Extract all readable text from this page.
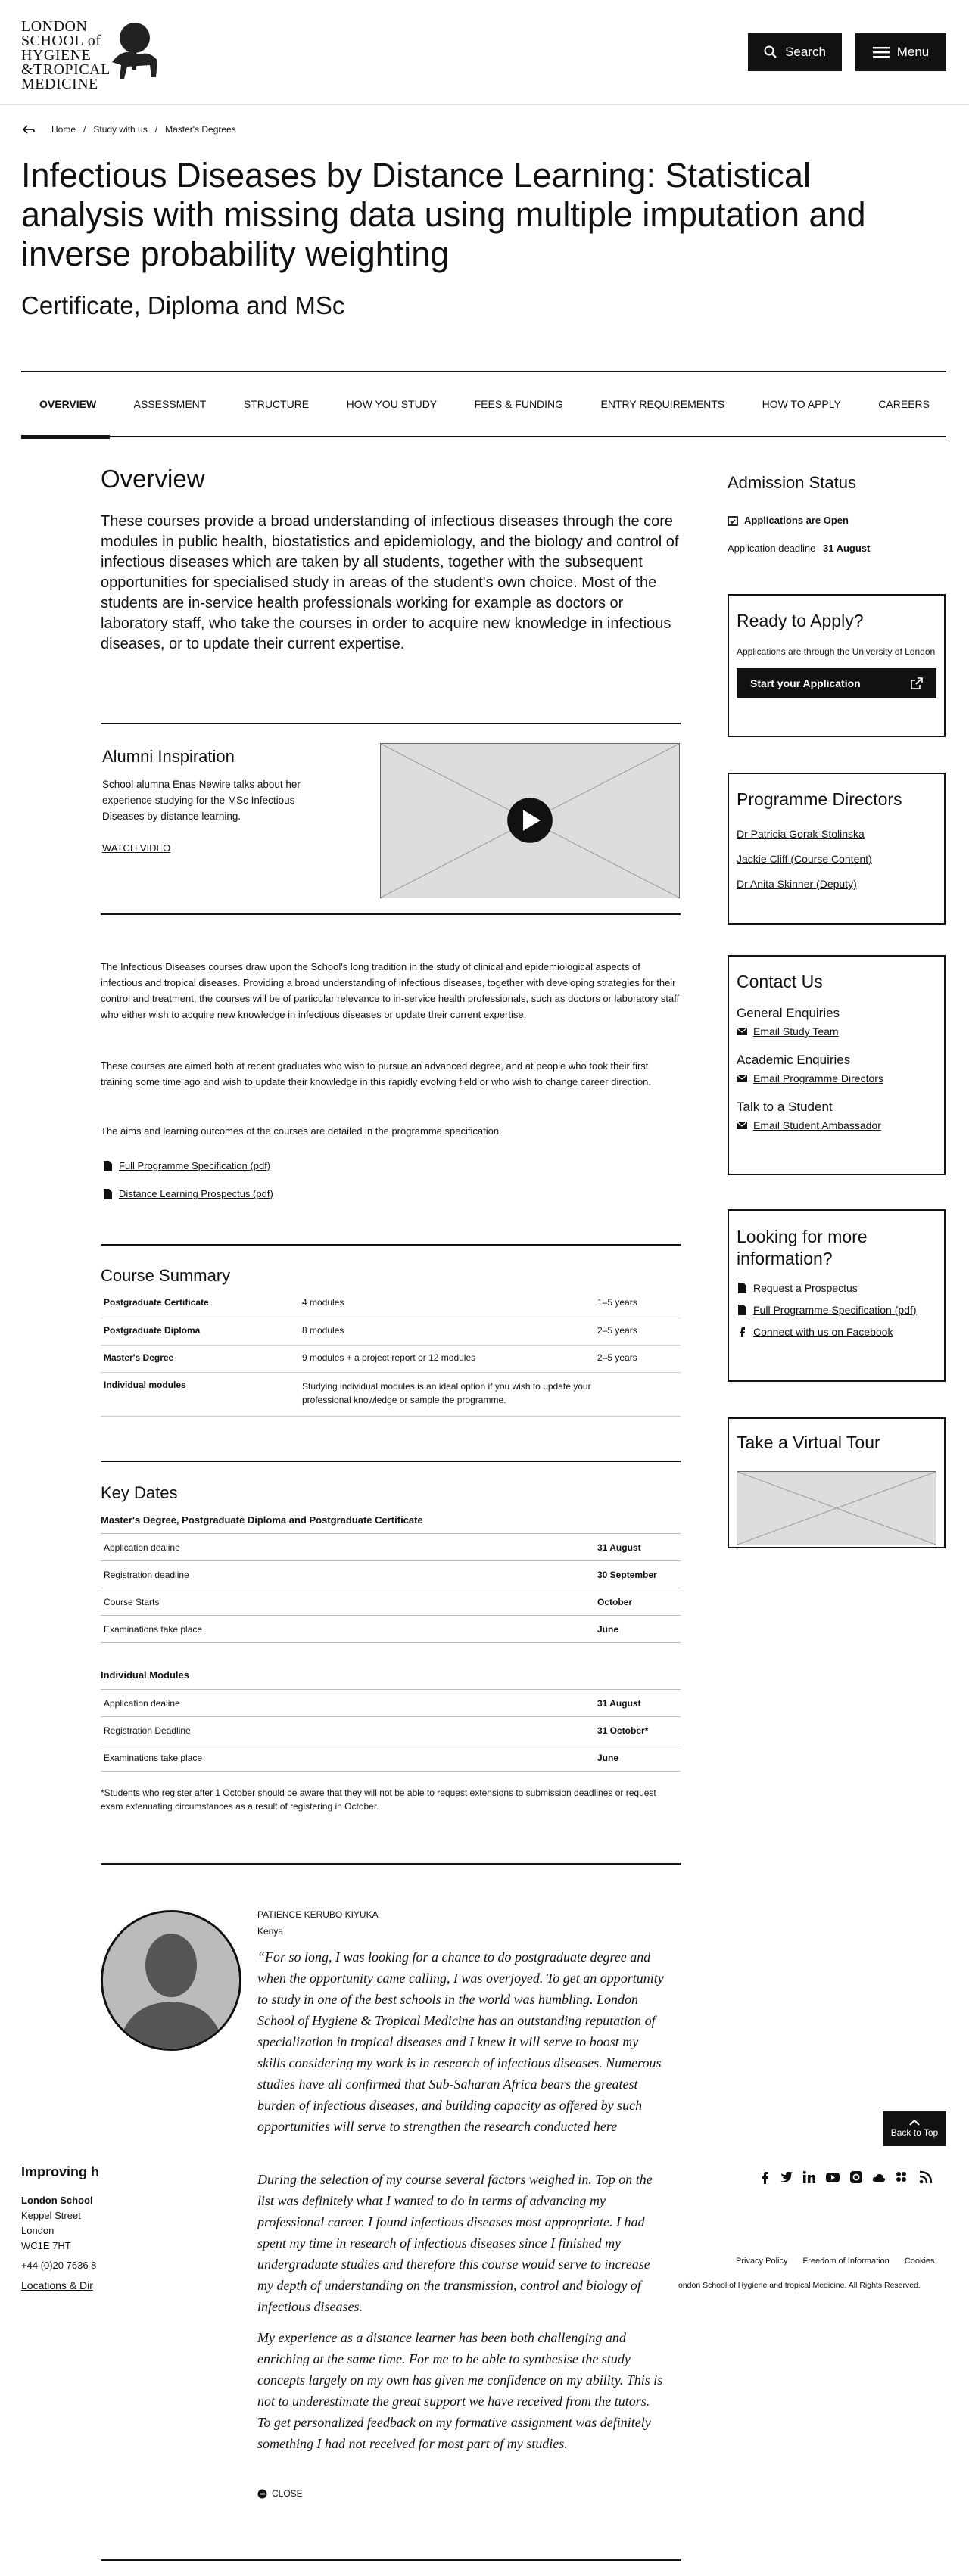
LONDON
SCHOOL of
HYGIENE
&TROPICAL
MEDICINE
Search	Menu
Home / Study with us / Master's Degrees
Infectious Diseases by Distance Learning: Statistical analysis with missing data using multiple imputation and inverse probability weighting
Certificate, Diploma and MSc
OVERVIEW	ASSESSMENT	STRUCTURE	HOW YOU STUDY	FEES & FUNDING	ENTRY REQUIREMENTS	HOW TO APPLY	CAREERS
Overview
These courses provide a broad understanding of infectious diseases through the core modules in public health, biostatistics and epidemiology, and the biology and control of infectious diseases which are taken by all students, together with the subsequent opportunities for specialised study in areas of the student's own choice. Most of the students are in-service health professionals working for example as doctors or laboratory staff, who take the courses in order to acquire new knowledge in infectious diseases, or to update their current expertise.
Alumni Inspiration
School alumna Enas Newire talks about her experience studying for the MSc Infectious Diseases by distance learning.
WATCH VIDEO
The Infectious Diseases courses draw upon the School's long tradition in the study of clinical and epidemiological aspects of infectious and tropical diseases. Providing a broad understanding of infectious diseases, together with developing strategies for their control and treatment, the courses will be of particular relevance to in-service health professionals, such as doctors or laboratory staff who either wish to acquire new knowledge in infectious diseases or update their current expertise.
These courses are aimed both at recent graduates who wish to pursue an advanced degree, and at people who took their first training some time ago and wish to update their knowledge in this rapidly evolving field or who wish to change career direction.
The aims and learning outcomes of the courses are detailed in the programme specification.
Full Programme Specification (pdf)
Distance Learning Prospectus (pdf)
Course Summary
Postgraduate Certificate	4 modules	1–5 years
Postgraduate Diploma	8 modules	2–5 years
Master's Degree	9 modules + a project report or 12 modules	2–5 years
Individual modules	Studying individual modules is an ideal option if you wish to update your professional knowledge or sample the programme.	
Key Dates
Master's Degree, Postgraduate Diploma and Postgraduate Certificate
Application dealine	31 August
Registration deadline	30 September
Course Starts	October
Examinations take place	June
Individual Modules
Application dealine	31 August
Registration Deadline	31 October*
Examinations take place	June
*Students who register after 1 October should be aware that they will not be able to request extensions to submission deadlines or request exam extenuating circumstances as a result of registering in October.
PATIENCE KERUBO KIYUKA
Kenya
Back to Top
Improving h
London School
Keppel Street
London
WC1E 7HT
+44 (0)20 7636 8
Locations & Dir
Privacy Policy Freedom of Information Cookies
ondon School of Hygiene and tropical Medicine. All Rights Reserved.
“For so long, I was looking for a chance to do postgraduate degree and when the opportunity came calling, I was overjoyed. To get an opportunity to study in one of the best schools in the world was humbling. London School of Hygiene & Tropical Medicine has an outstanding reputation of specialization in tropical diseases and I knew it will serve to boost my skills considering my work is in research of infectious diseases. Numerous studies have all confirmed that Sub-Saharan Africa bears the greatest burden of infectious diseases, and building capacity as offered by such opportunities will serve to strengthen the research conducted here
During the selection of my course several factors weighed in. Top on the list was definitely what I wanted to do in terms of advancing my professional career. I found infectious diseases most appropriate. I had spent my time in research of infectious diseases since I finished my undergraduate studies and therefore this course would serve to increase my depth of understanding on the transmission, control and biology of infectious diseases.
My experience as a distance learner has been both challenging and enriching at the same time. For me to be able to synthesise the study concepts largely on my own has given me confidence on my ability. This is not to underestimate the great support we have received from the tutors. To get personalized feedback on my formative assignment was definitely something I had not received for most part of my studies.
CLOSE
Admission Status
Applications are Open
Application deadline 31 August
Ready to Apply?
Applications are through the University of London
Start your Application
Programme Directors
Dr Patricia Gorak-Stolinska
Jackie Cliff (Course Content)
Dr Anita Skinner (Deputy)
Contact Us
General Enquiries
Email Study Team
Academic Enquiries
Email Programme Directors
Talk to a Student
Email Student Ambassador
Looking for more information?
Request a Prospectus
Full Programme Specification (pdf)
Connect with us on Facebook
Take a Virtual Tour
